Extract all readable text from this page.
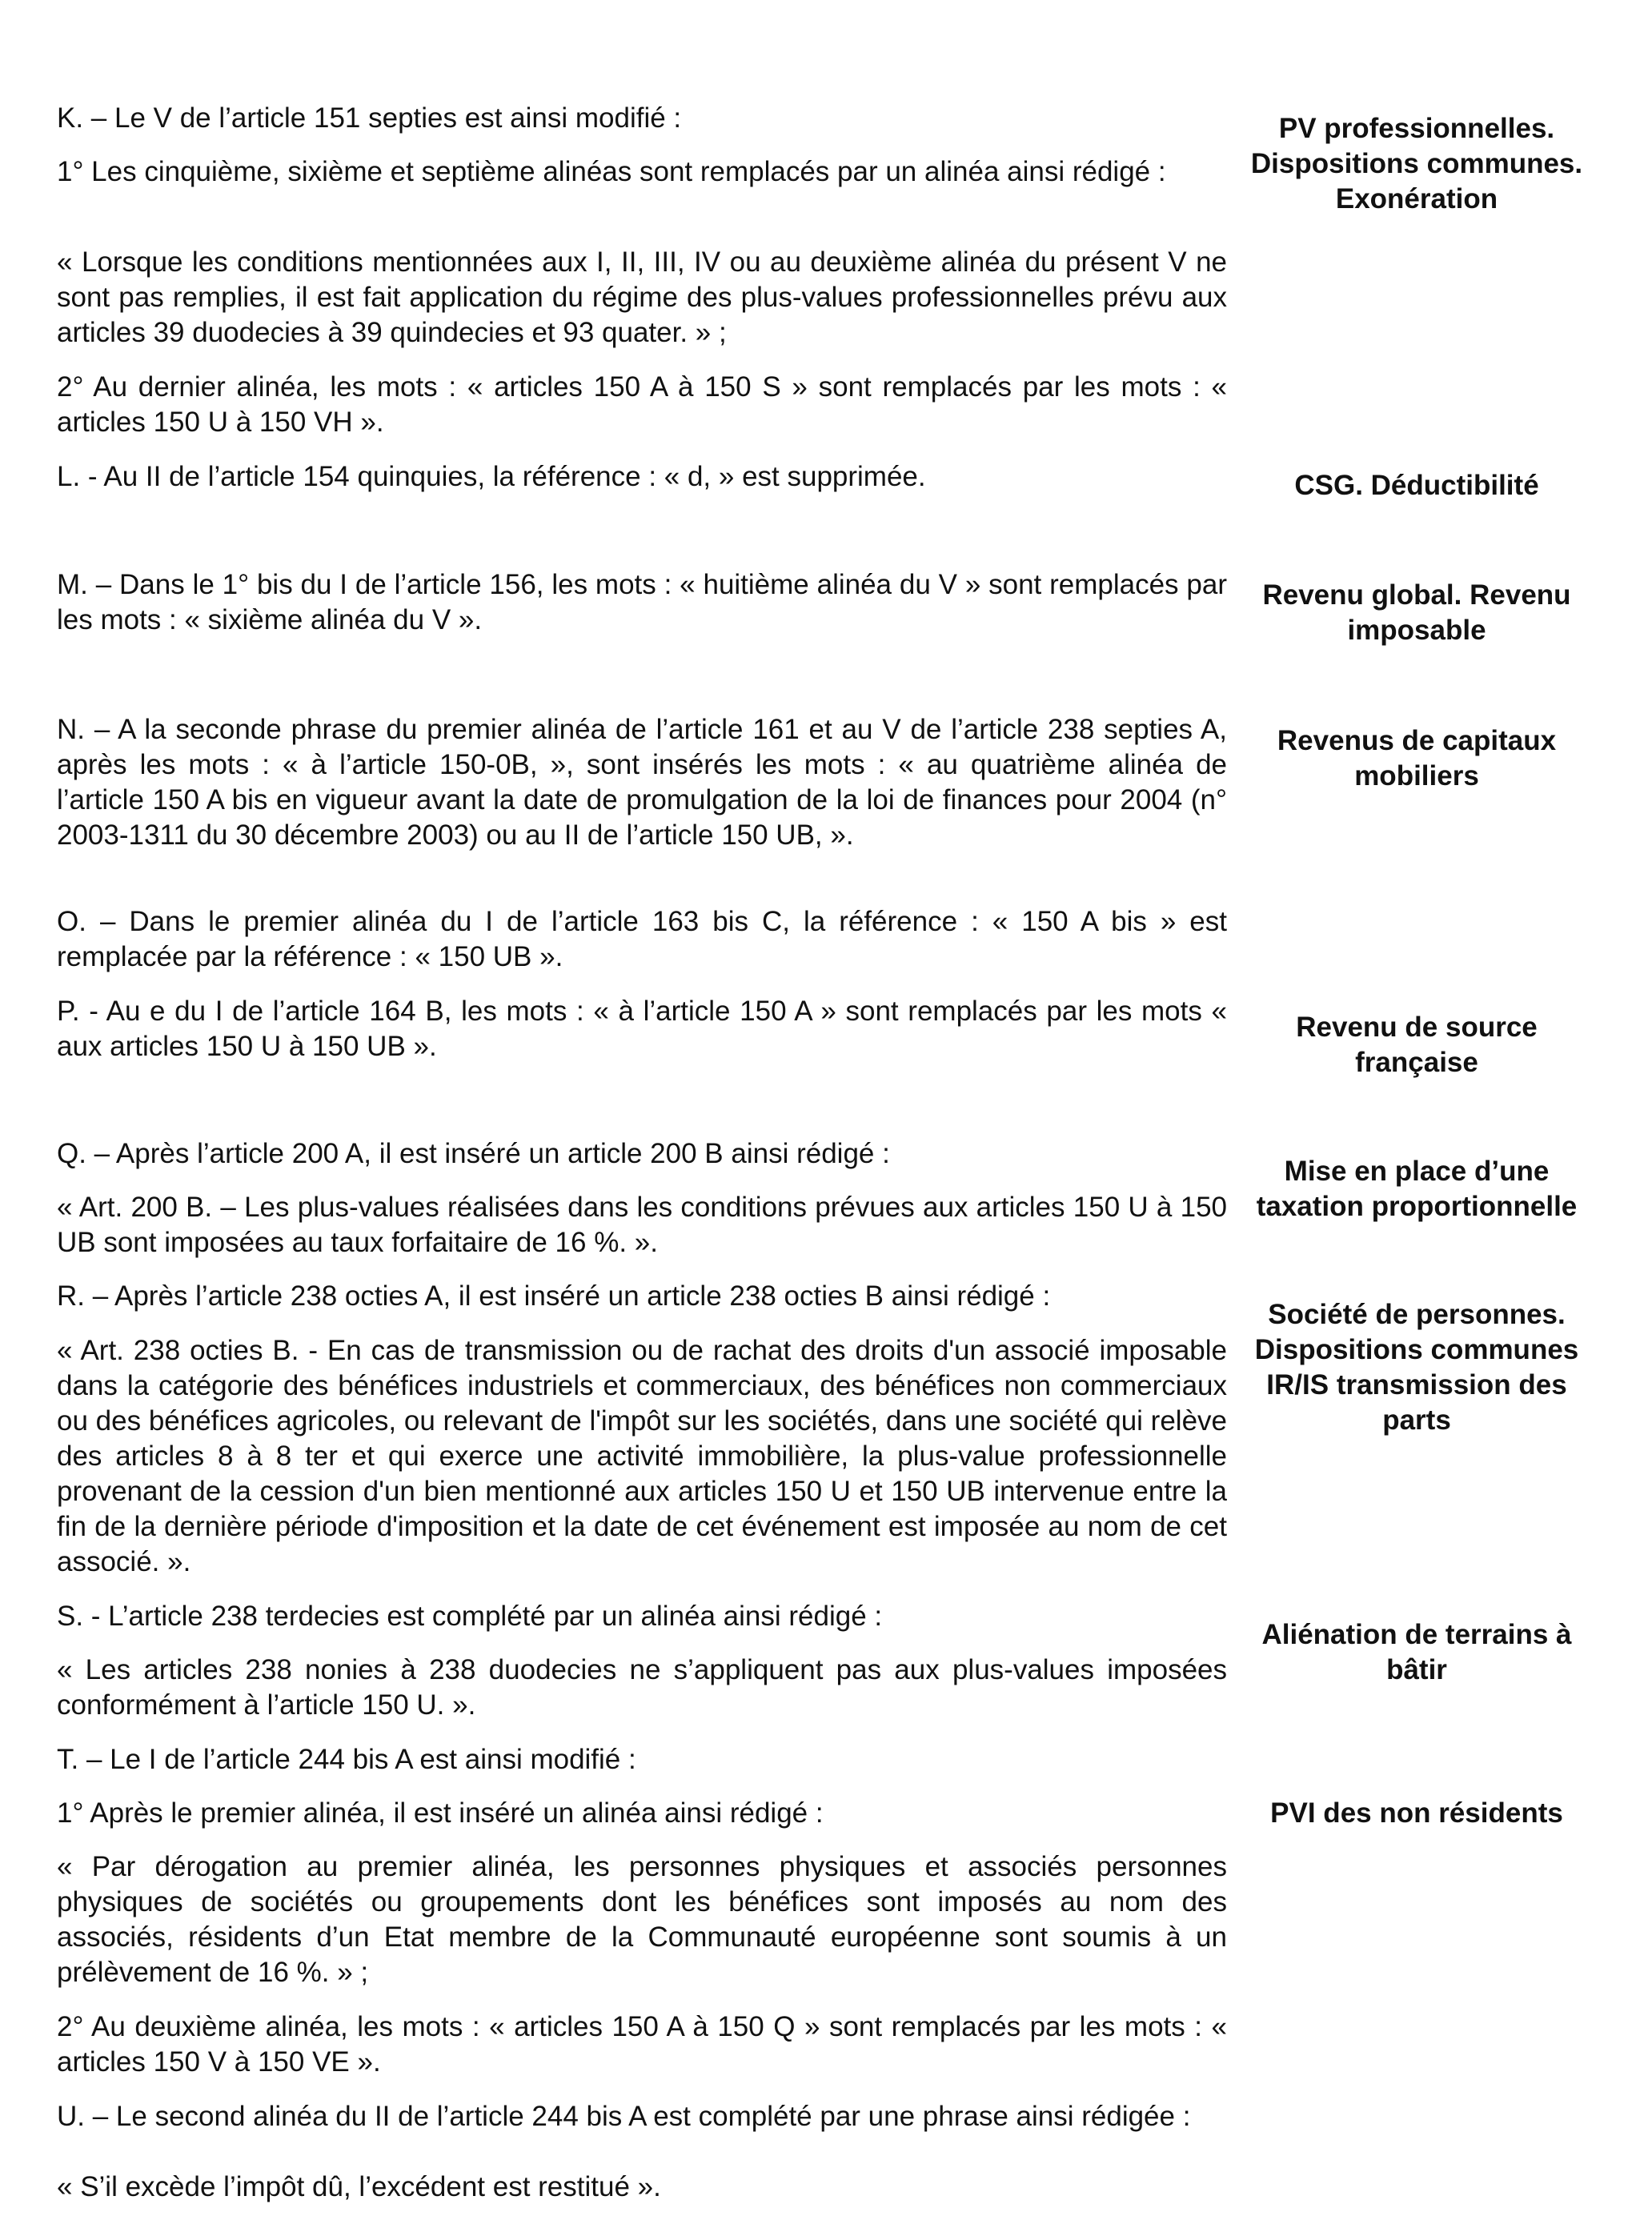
K. – Le V de l’article 151 septies est ainsi modifié :

1° Les cinquième, sixième et septième alinéas sont remplacés par un alinéa ainsi rédigé :

« Lorsque les conditions mentionnées aux I, II, III, IV ou au deuxième alinéa du présent V ne sont pas remplies, il est fait application du régime des plus-values professionnelles prévu aux articles 39 duodecies à 39 quindecies et 93 quater. » ;

2° Au dernier alinéa, les mots : « articles 150 A à 150 S » sont remplacés par les mots : « articles 150 U à 150 VH ».

L. - Au II de l’article 154 quinquies, la référence : « d, » est supprimée.

M. – Dans le 1° bis du I de l’article 156, les mots : « huitième alinéa du V » sont remplacés par les mots : « sixième alinéa du V ».

N. – A la seconde phrase du premier alinéa de l’article 161 et au V de l’article 238 septies A, après les mots : « à l’article 150-0B, », sont insérés les mots : « au quatrième alinéa de l’article 150 A bis en vigueur avant la date de promulgation de la loi de finances pour 2004 (n° 2003-1311 du 30 décembre 2003) ou au II de l’article 150 UB, ».

O. – Dans le premier alinéa du I de l’article 163 bis C, la référence : « 150 A bis » est remplacée par la référence : « 150 UB ».

P. - Au e du I de l’article 164 B, les mots : « à l’article 150 A » sont remplacés par les mots « aux articles 150 U à 150 UB ».

Q. – Après l’article 200 A, il est inséré un article 200 B ainsi rédigé :

« Art. 200 B. – Les plus-values réalisées dans les conditions prévues aux articles 150 U à 150 UB sont imposées au taux forfaitaire de 16 %. ».

R. – Après l’article 238 octies A, il est inséré un article 238 octies B ainsi rédigé :

« Art. 238 octies B. - En cas de transmission ou de rachat des droits d'un associé imposable dans la catégorie des bénéfices industriels et commerciaux, des bénéfices non commerciaux ou des bénéfices agricoles, ou relevant de l'impôt sur les sociétés, dans une société qui relève des articles 8 à 8 ter et qui exerce une activité immobilière, la plus-value professionnelle provenant de la cession d'un bien mentionné aux articles 150 U et 150 UB intervenue entre la fin de la dernière période d'imposition et la date de cet événement est imposée au nom de cet associé. ».

S. - L’article 238 terdecies est complété par un alinéa ainsi rédigé :

« Les articles 238 nonies à 238 duodecies ne s’appliquent pas aux plus-values imposées conformément à l’article 150 U. ».

T. – Le I de l’article 244 bis A est ainsi modifié :

1° Après le premier alinéa, il est inséré un alinéa ainsi rédigé :

« Par dérogation au premier alinéa, les personnes physiques et associés personnes physiques de sociétés ou groupements dont les bénéfices sont imposés au nom des associés, résidents d’un Etat membre de la Communauté européenne sont soumis à un prélèvement de 16 %. » ;

2° Au deuxième alinéa, les mots : « articles 150 A à 150 Q » sont remplacés par les mots : « articles 150 V à 150 VE ».

U. – Le second alinéa du II de l’article 244 bis A est complété par une phrase ainsi rédigée :

« S’il excède l’impôt dû, l’excédent est restitué ».

PV professionnelles. Dispositions communes. Exonération

CSG. Déductibilité

Revenu global. Revenu imposable

Revenus de capitaux mobiliers

Revenu de source française

Mise en place d’une taxation proportionnelle

Société de personnes. Dispositions communes IR/IS transmission des parts

Aliénation de terrains à bâtir

PVI des non résidents
